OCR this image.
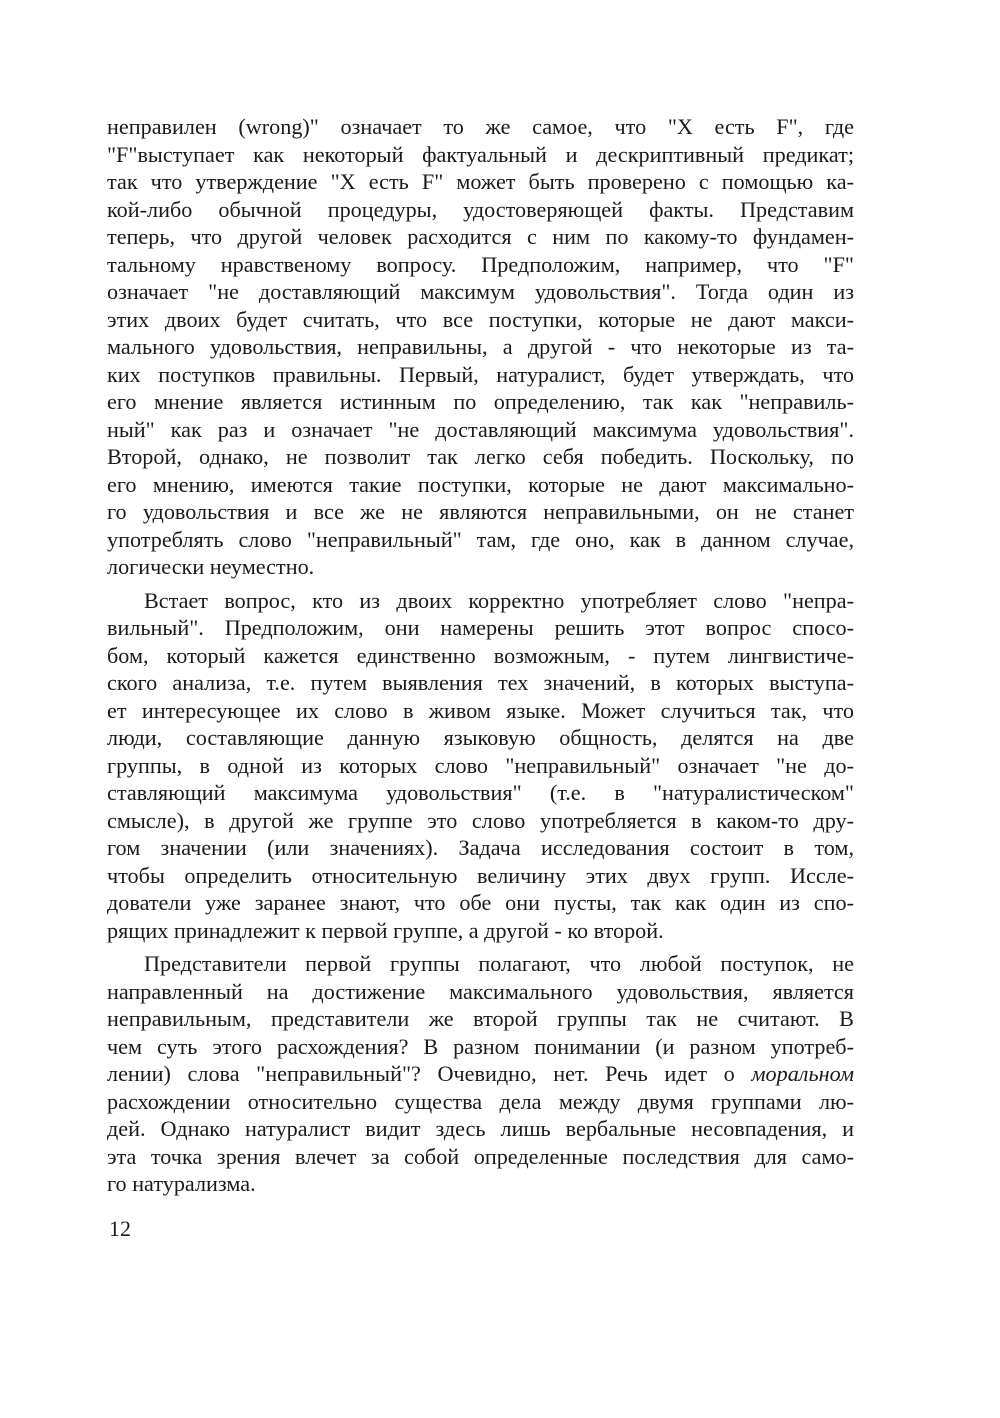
неправилен (wrong)" означает то же самое, что "X есть F", где
"F"выступает как некоторый фактуальный и дескриптивный предикат;
так что утверждение "X есть F" может быть проверено с помощью ка-
кой-либо обычной процедуры, удостоверяющей факты. Представим
теперь, что другой человек расходится с ним по какому-то фундамен-
тальному нравственому вопросу. Предположим, например, что "F"
означает "не доставляющий максимум удовольствия". Тогда один из
этих двоих будет считать, что все поступки, которые не дают макси-
мального удовольствия, неправильны, а другой - что некоторые из та-
ких поступков правильны. Первый, натуралист, будет утверждать, что
его мнение является истинным по определению, так как "неправиль-
ный" как раз и означает "не доставляющий максимума удовольствия".
Второй, однако, не позволит так легко себя победить. Поскольку, по
его мнению, имеются такие поступки, которые не дают максимально-
го удовольствия и все же не являются неправильными, он не станет
употреблять слово "неправильный" там, где оно, как в данном случае,
логически неуместно.
Встает вопрос, кто из двоих корректно употребляет слово "непра-
вильный". Предположим, они намерены решить этот вопрос спосо-
бом, который кажется единственно возможным, - путем лингвистиче-
ского анализа, т.е. путем выявления тех значений, в которых выступа-
ет интересующее их слово в живом языке. Может случиться так, что
люди, составляющие данную языковую общность, делятся на две
группы, в одной из которых слово "неправильный" означает "не до-
ставляющий максимума удовольствия" (т.е. в "натуралистическом"
смысле), в другой же группе это слово употребляется в каком-то дру-
гом значении (или значениях). Задача исследования состоит в том,
чтобы определить относительную величину этих двух групп. Иссле-
дователи уже заранее знают, что обе они пусты, так как один из спо-
рящих принадлежит к первой группе, а другой - ко второй.
Представители первой группы полагают, что любой поступок, не
направленный на достижение максимального удовольствия, является
неправильным, представители же второй группы так не считают. В
чем суть этого расхождения? В разном понимании (и разном употреб-
лении) слова "неправильный"? Очевидно, нет. Речь идет о моральном
расхождении относительно существа дела между двумя группами лю-
дей. Однако натуралист видит здесь лишь вербальные несовпадения, и
эта точка зрения влечет за собой определенные последствия для само-
го натурализма.
12
